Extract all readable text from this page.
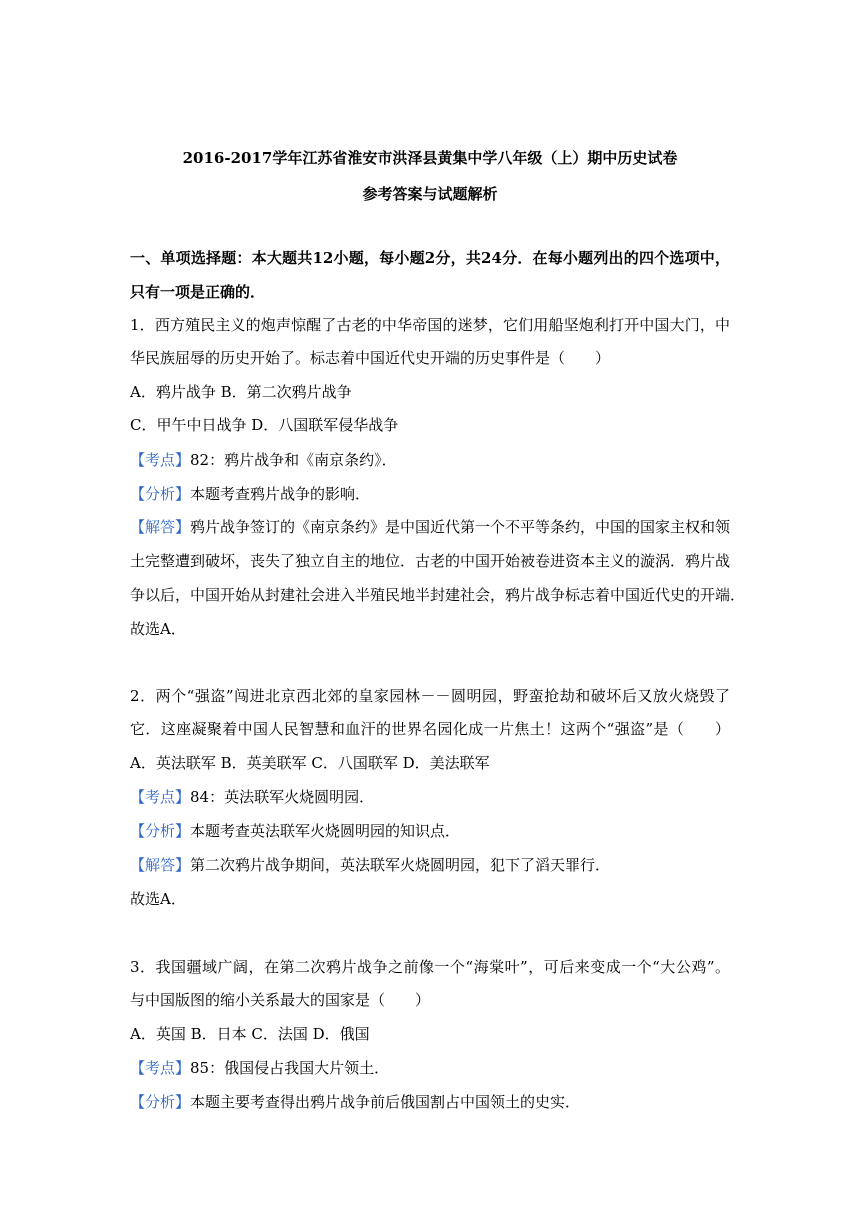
2016-2017学年江苏省淮安市洪泽县黄集中学八年级（上）期中历史试卷
参考答案与试题解析
一、单项选择题：本大题共12小题，每小题2分，共24分．在每小题列出的四个选项中，
只有一项是正确的．
1．西方殖民主义的炮声惊醒了古老的中华帝国的迷梦，它们用船坚炮利打开中国大门，中
华民族屈辱的历史开始了。标志着中国近代史开端的历史事件是（　　）
A．鸦片战争 B．第二次鸦片战争
C．甲午中日战争 D．八国联军侵华战争
【考点】82：鸦片战争和《南京条约》．
【分析】本题考查鸦片战争的影响．
【解答】鸦片战争签订的《南京条约》是中国近代第一个不平等条约，中国的国家主权和领
土完整遭到破坏，丧失了独立自主的地位．古老的中国开始被卷进资本主义的漩涡．鸦片战
争以后，中国开始从封建社会进入半殖民地半封建社会，鸦片战争标志着中国近代史的开端．
故选A．
2．两个“强盗”闯进北京西北郊的皇家园林－－圆明园，野蛮抢劫和破坏后又放火烧毁了
它．这座凝聚着中国人民智慧和血汗的世界名园化成一片焦土！这两个“强盗”是（　　）
A．英法联军 B．英美联军 C．八国联军 D．美法联军
【考点】84：英法联军火烧圆明园．
【分析】本题考查英法联军火烧圆明园的知识点．
【解答】第二次鸦片战争期间，英法联军火烧圆明园，犯下了滔天罪行．
故选A．
3．我国疆域广阔，在第二次鸦片战争之前像一个“海棠叶”，可后来变成一个“大公鸡”。
与中国版图的缩小关系最大的国家是（　　）
A．英国 B．日本 C．法国 D．俄国
【考点】85：俄国侵占我国大片领土．
【分析】本题主要考查得出鸦片战争前后俄国割占中国领土的史实．
